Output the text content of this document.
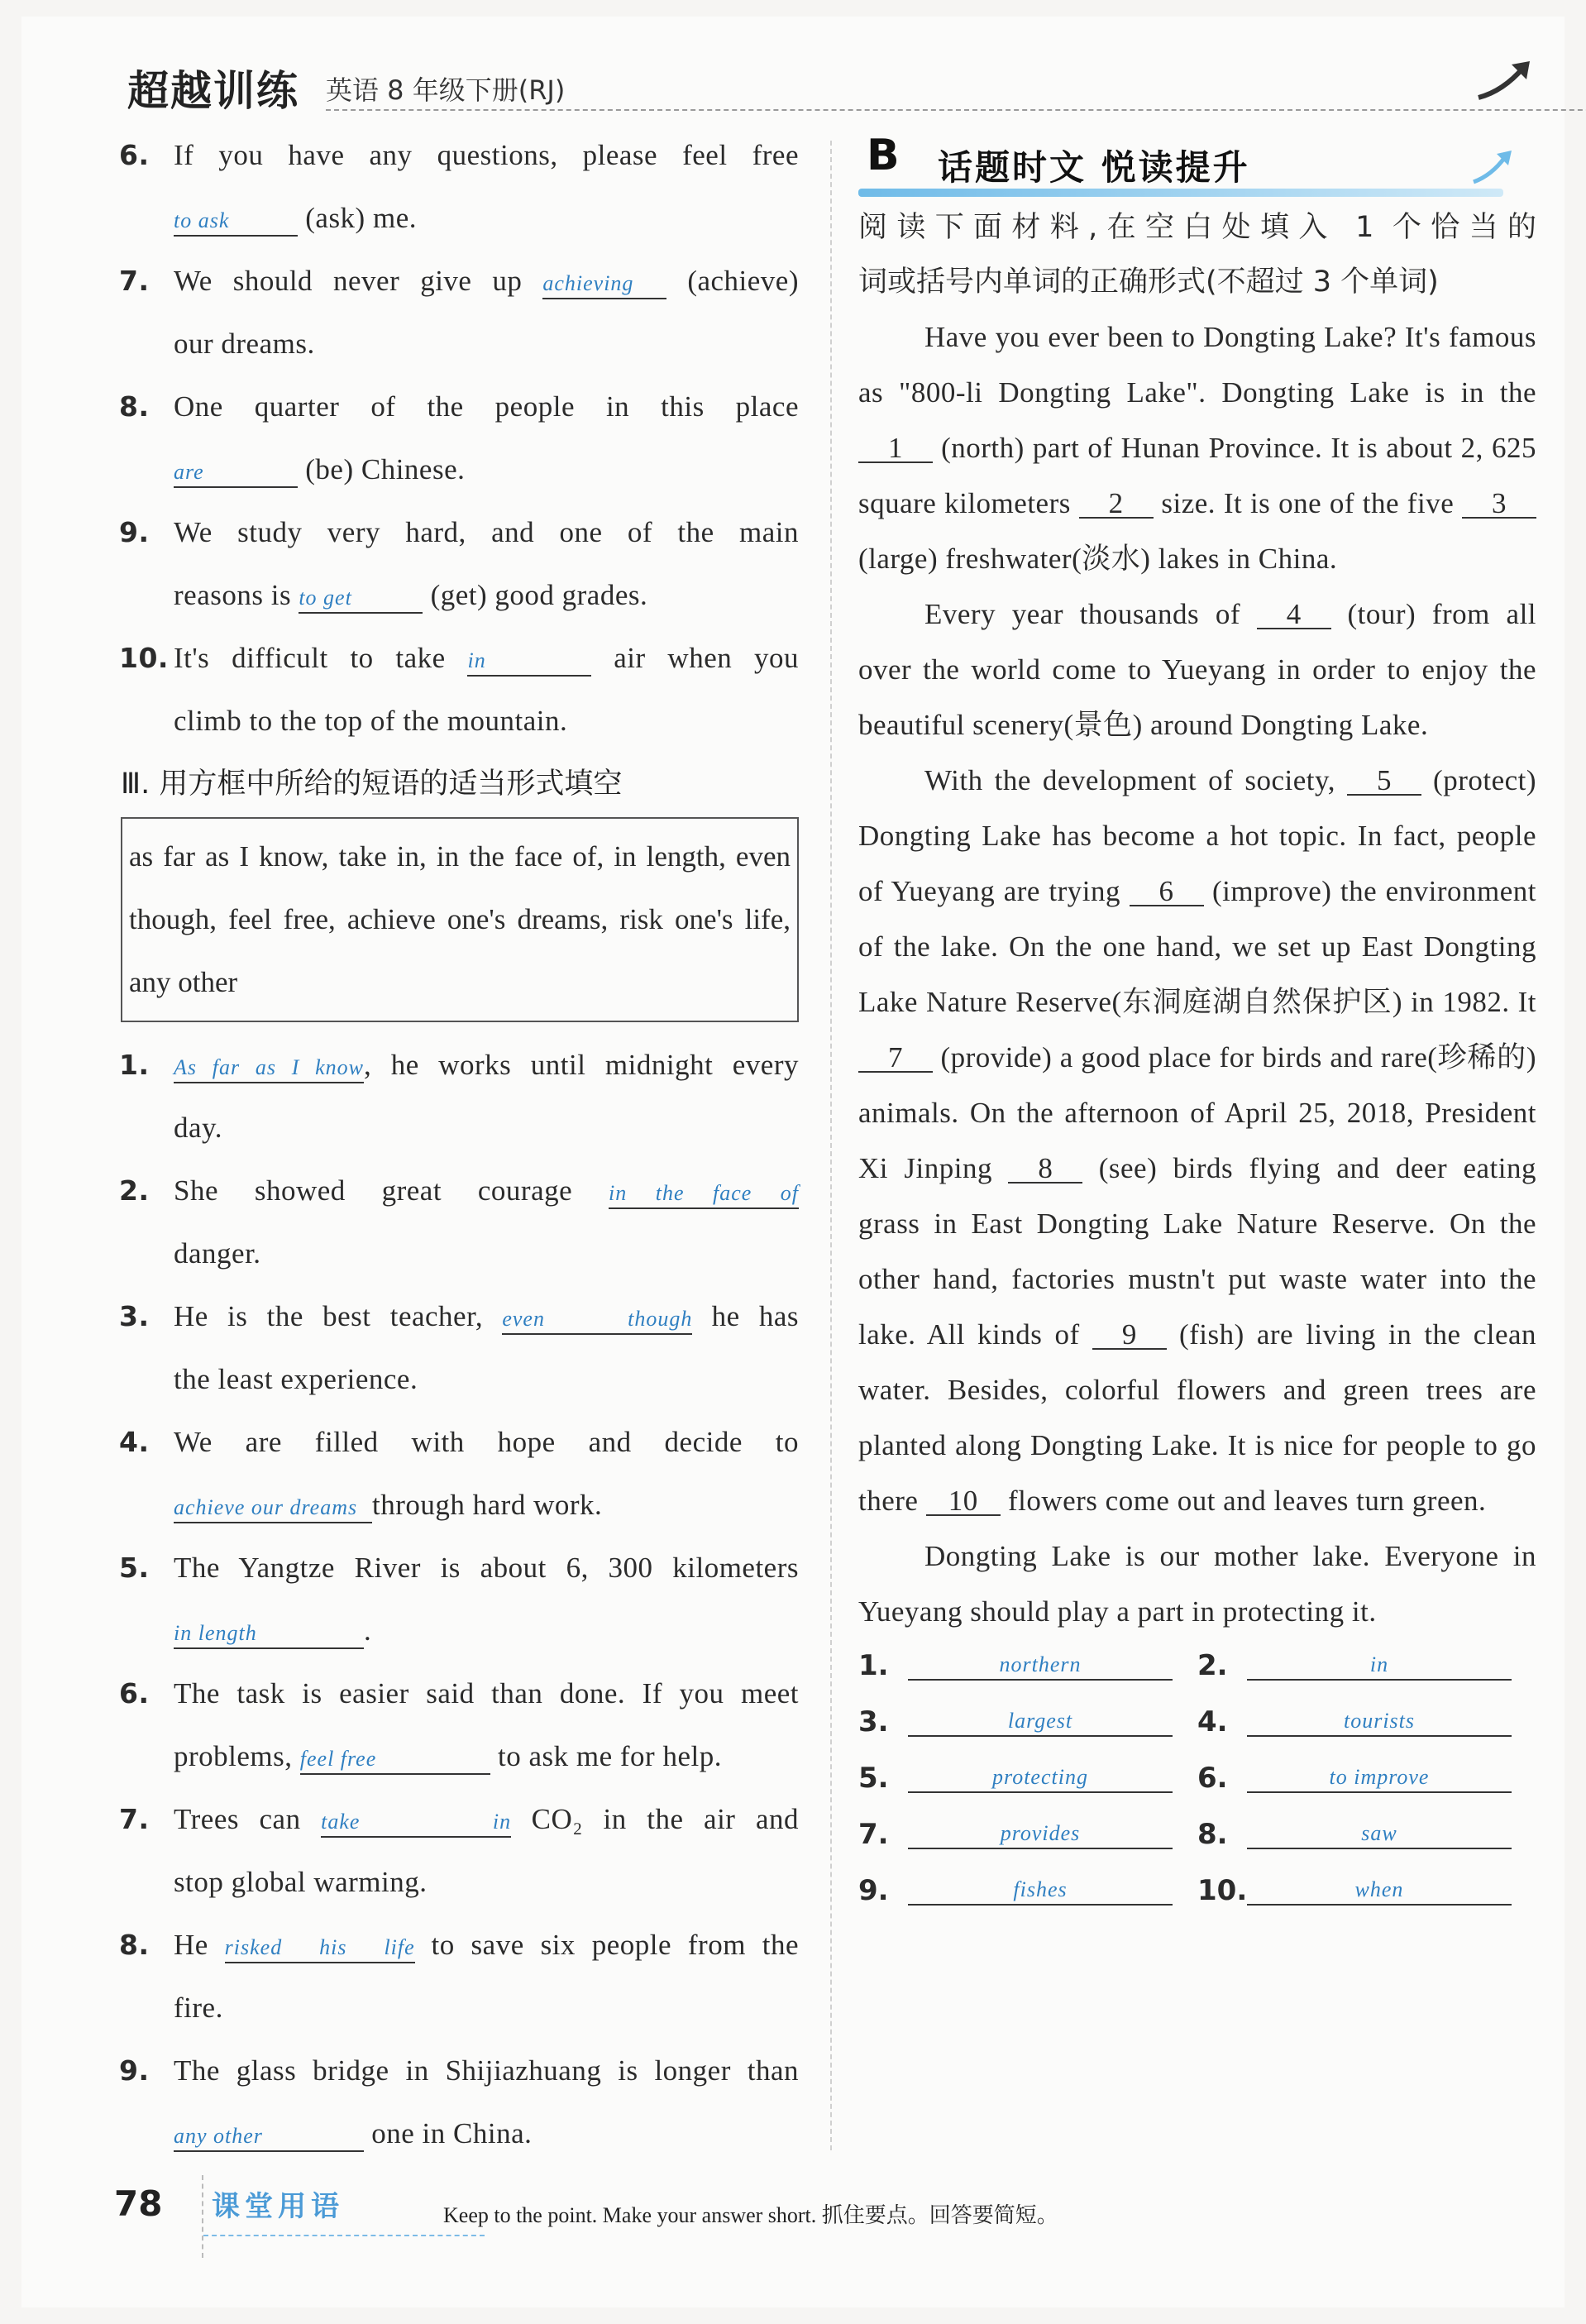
超越训练 英语 8 年级下册(RJ)
6. If you have any questions, please feel free
to ask	(ask) me.
7. We should never give up achieving (achieve)
our dreams.
8. One quarter of the people in this place
are	(be) Chinese.
9. We study very hard, and one of the main
reasons is to get	(get) good grades.
10. It's difficult to take in	air when you
climb to the top of the mountain.
Ⅲ. 用方框中所给的短语的适当形式填空
as far as I know, take in, in the face of, in length, even though, feel free, achieve one's dreams, risk one's life, any other
1. As far as I know, he works until midnight every
day.
2. She showed great courage in the face of
danger.
3. He is the best teacher, even though he has
the least experience.
4. We are filled with hope and decide to
achieve our dreams through hard work.
5. The Yangtze River is about 6, 300 kilometers
in length	.
6. The task is easier said than done. If you meet
problems, feel free	to ask me for help.
7. Trees can take in CO₂ in the air and
stop global warming.
8. He risked his life to save six people from the
fire.
9. The glass bridge in Shijiazhuang is longer than
any other	one in China.
B 话题时文 悦读提升
阅读下面材料,在空白处填入 1 个恰当的
词或括号内单词的正确形式(不超过 3 个单词)
Have you ever been to Dongting Lake? It's famous as "800-li Dongting Lake". Dongting Lake is in the 1 (north) part of Hunan Province. It is about 2, 625 square kilometers 2 size. It is one of the five 3 (large) freshwater(淡水) lakes in China.
Every year thousands of 4 (tour) from all over the world come to Yueyang in order to enjoy the beautiful scenery(景色) around Dongting Lake.
With the development of society, 5 (protect) Dongting Lake has become a hot topic. In fact, people of Yueyang are trying 6 (improve) the environment of the lake. On the one hand, we set up East Dongting Lake Nature Reserve(东洞庭湖自然保护区) in 1982. It 7 (provide) a good place for birds and rare(珍稀的) animals. On the afternoon of April 25, 2018, President Xi Jinping 8 (see) birds flying and deer eating grass in East Dongting Lake Nature Reserve. On the other hand, factories mustn't put waste water into the lake. All kinds of 9 (fish) are living in the clean water. Besides, colorful flowers and green trees are planted along Dongting Lake. It is nice for people to go there 10 flowers come out and leaves turn green.
Dongting Lake is our mother lake. Everyone in Yueyang should play a part in protecting it.
1.	northern	2.	in
3.	largest	4.	tourists
5.	protecting	6.	to improve
7.	provides	8.	saw
9.	fishes	10.	when
78 课堂用语	Keep to the point. Make your answer short. 抓住要点。回答要简短。
